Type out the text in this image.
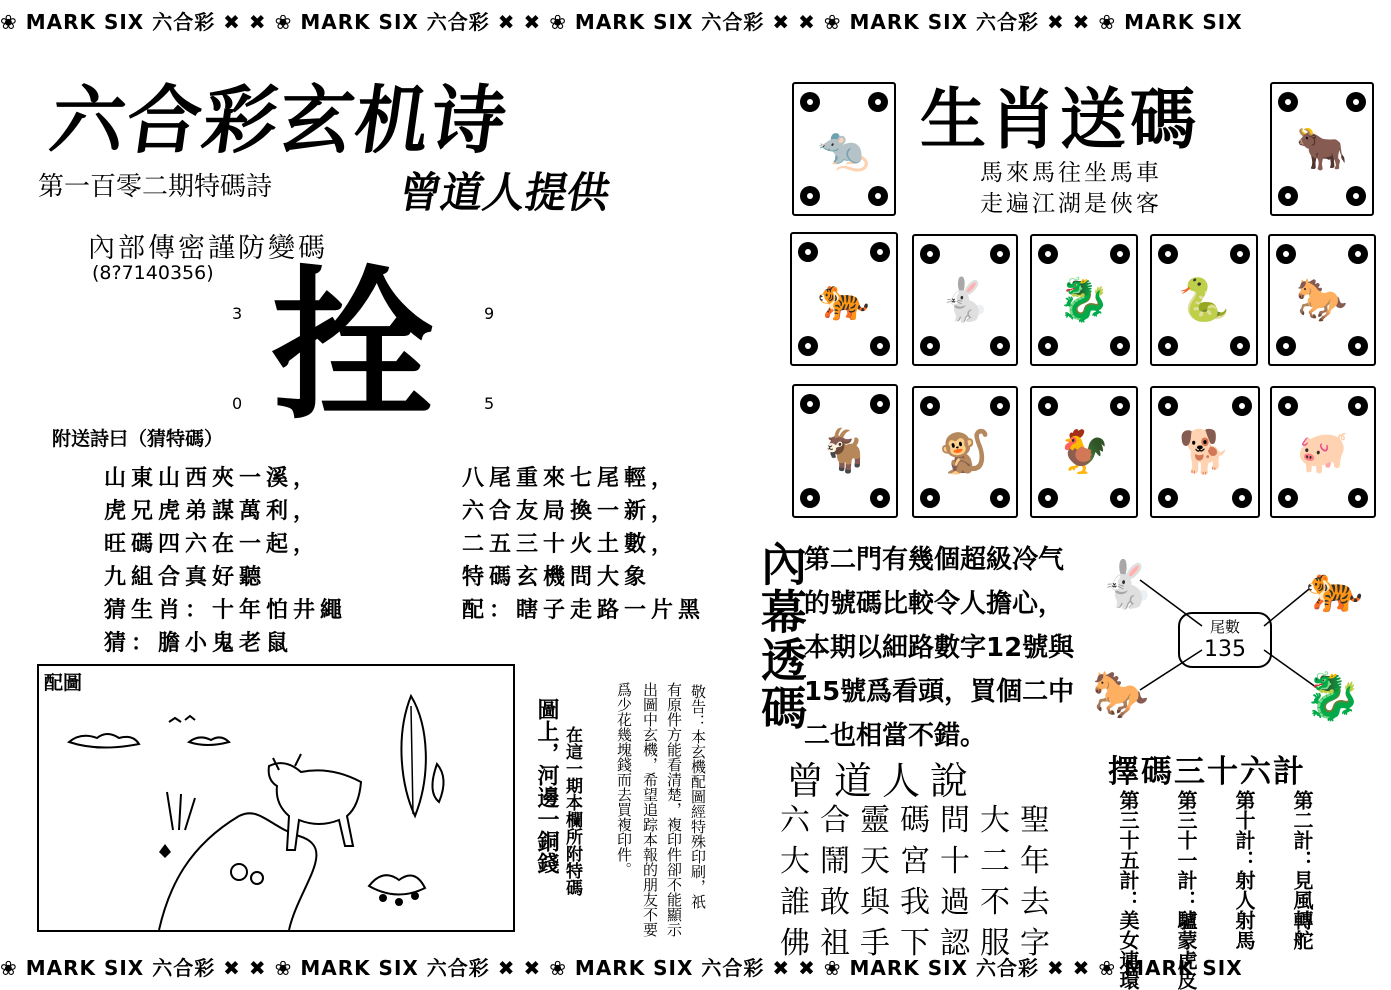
❀ MARK SIX 六合彩 ✖ ✖ ❀ MARK SIX 六合彩 ✖ ✖ ❀ MARK SIX 六合彩 ✖ ✖ ❀ MARK SIX 六合彩 ✖ ✖ ❀ MARK SIX
❀ MARK SIX 六合彩 ✖ ✖ ❀ MARK SIX 六合彩 ✖ ✖ ❀ MARK SIX 六合彩 ✖ ✖ ❀ MARK SIX 六合彩 ✖ ✖ ❀ MARK SIX
六合彩玄机诗
第一百零二期特碼詩	曾道人提供
內部傳密謹防變碼
(8?7140356)
3	9
0	5
拴
附送詩曰（猜特碼）
山東山西夾一溪，
虎兄虎弟謀萬利，
旺碼四六在一起，
九組合真好聽
猜生肖：十年怕井繩
猜：膽小鬼老鼠
八尾重來七尾輕，
六合友局換一新，
二五三十火土數，
特碼玄機問大象
配：瞎子走路一片黑
配圖
圖上，河邊一銅錢 在這一期本欄所附特碼	敬告：本玄機配圖經特殊印刷，祇
有原件方能看清楚，複印件卻不能顯示
出圖中玄機，希望追踪本報的朋友不要
爲少花幾塊錢而去買複印件。
生肖送碼
馬來馬往坐馬車
走遍江湖是俠客
🐀	🐂
🐅 🐇 🐉 🐍 🐎
🐐 🐒 🐓 🐕 🐖
內幕透碼
第二門有幾個超級冷气
的號碼比較令人擔心，
本期以細路數字12號與
15號爲看頭，買個二中
二也相當不錯。
🐇	🐅
🐎	🐉
尾數
135
曾道人說
六合靈碼問大聖
大鬧天宮十二年
誰敢與我過不去
佛祖手下認服字
擇碼三十六計
第二計：見風轉舵
第十計：射人射馬
第三十一計：驢蒙虎皮
第三十五計：美女連環
